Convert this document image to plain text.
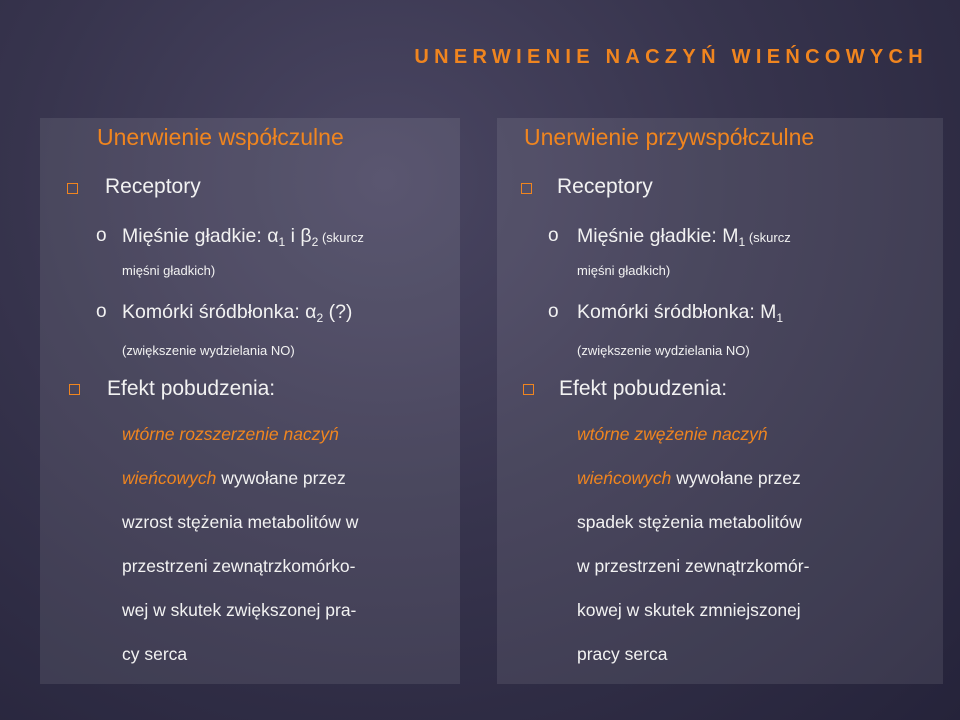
UNERWIENIE NACZYŃ WIEŃCOWYCH
Unerwienie współczulne
Receptory
o Mięśnie gładkie: $\alpha_1$ i $\beta_2$ (skurcz
mięśni gładkich)
o Komórki śródbłonka: $\alpha_2$ (?)
(zwiększenie wydzielania NO)
Efekt pobudzenia:
wtórne rozszerzenie naczyń
wieńcowych wywołane przez
wzrost stężenia metabolitów w
przestrzeni zewnątrzkomórko-
wej w skutek zwiększonej pra-
cy serca
Unerwienie przywspółczulne
Receptory
o Mięśnie gładkie: $M_1$ (skurcz
mięśni gładkich)
o Komórki śródbłonka: $M_1$
(zwiększenie wydzielania NO)
Efekt pobudzenia:
wtórne zwężenie naczyń
wieńcowych wywołane przez
spadek stężenia metabolitów
w przestrzeni zewnątrzkomór-
kowej w skutek zmniejszonej
pracy serca
